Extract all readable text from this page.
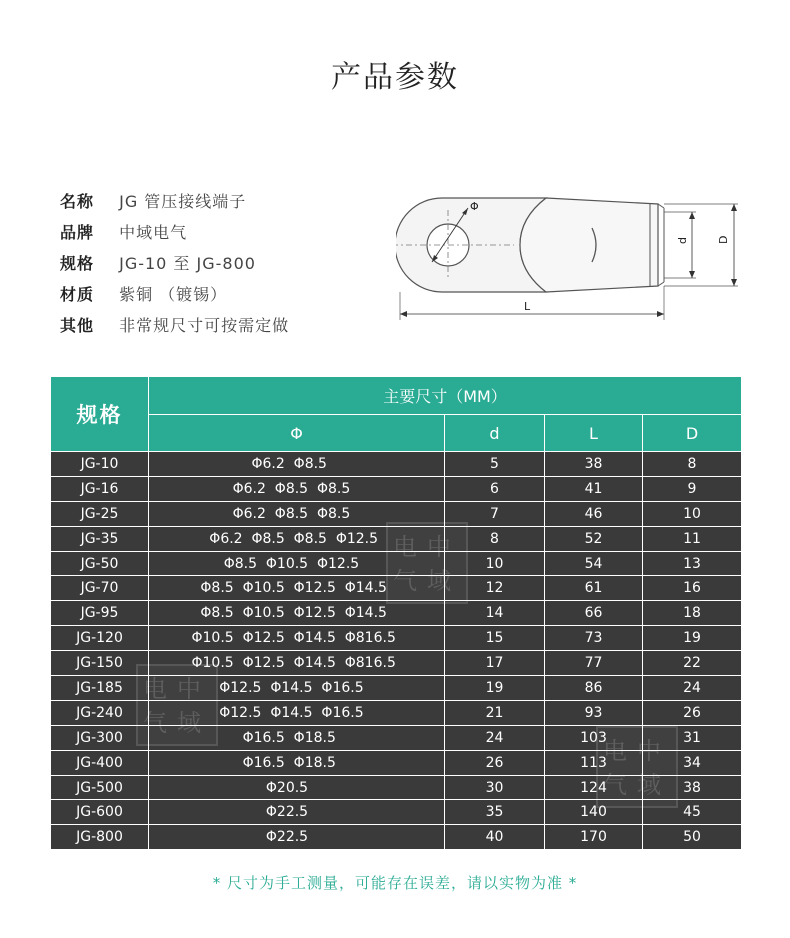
产品参数
名称 JG 管压接线端子
品牌 中域电气
规格 JG-10 至 JG-800
材质 紫铜 （镀锡）
其他 非常规尺寸可按需定做
Φ
d	D
L
规格	主要尺寸（MM）			
	Φ	d	L	D
JG-10	Φ6.2  Φ8.5	5	38	8
JG-16	Φ6.2  Φ8.5  Φ8.5	6	41	9
JG-25	Φ6.2  Φ8.5  Φ8.5	7	46	10
JG-35	Φ6.2  Φ8.5  Φ8.5  Φ12.5	8	52	11
JG-50	Φ8.5  Φ10.5  Φ12.5	10	54	13
JG-70	Φ8.5  Φ10.5  Φ12.5  Φ14.5	12	61	16
JG-95	Φ8.5  Φ10.5  Φ12.5  Φ14.5	14	66	18
JG-120	Φ10.5  Φ12.5  Φ14.5  Φ816.5	15	73	19
JG-150	Φ10.5  Φ12.5  Φ14.5  Φ816.5	17	77	22
JG-185	Φ12.5  Φ14.5  Φ16.5	19	86	24
JG-240	Φ12.5  Φ14.5  Φ16.5	21	93	26
JG-300	Φ16.5  Φ18.5	24	103	31
JG-400	Φ16.5  Φ18.5	26	113	34
JG-500	Φ20.5	30	124	38
JG-600	Φ22.5	35	140	45
JG-800	Φ22.5	40	170	50
电中
气域
电中
气域
电中
气域
* 尺寸为手工测量，可能存在误差，请以实物为准 *
